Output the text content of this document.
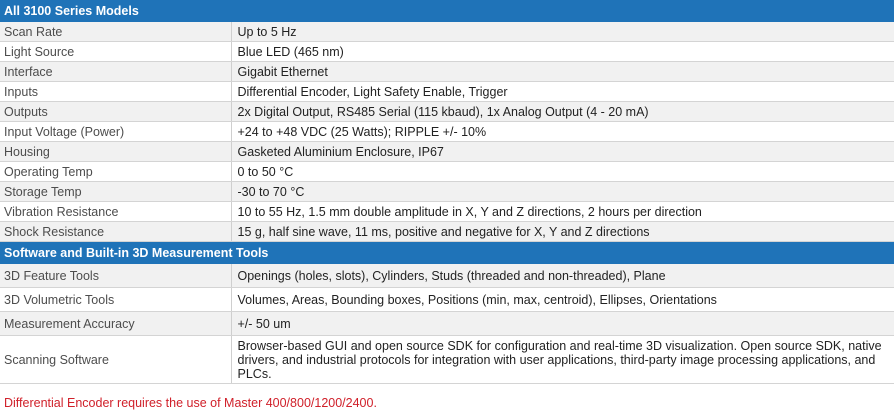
All 3100 Series Models	
Scan Rate	Up to 5 Hz
Light Source	Blue LED (465 nm)
Interface	Gigabit Ethernet
Inputs	Differential Encoder, Light Safety Enable, Trigger
Outputs	2x Digital Output, RS485 Serial (115 kbaud), 1x Analog Output (4 - 20 mA)
Input Voltage (Power)	+24 to +48 VDC (25 Watts); RIPPLE +/- 10%
Housing	Gasketed Aluminium Enclosure, IP67
Operating Temp	0 to 50 °C
Storage Temp	-30 to 70 °C
Vibration Resistance	10 to 55 Hz, 1.5 mm double amplitude in X, Y and Z directions, 2 hours per direction
Shock Resistance	15 g, half sine wave, 11 ms, positive and negative for X, Y and Z directions
Software and Built-in 3D Measurement Tools	
3D Feature Tools	Openings (holes, slots), Cylinders, Studs (threaded and non-threaded), Plane
3D Volumetric Tools	Volumes, Areas, Bounding boxes, Positions (min, max, centroid), Ellipses, Orientations
Measurement Accuracy	+/- 50 um
Scanning Software	Browser-based GUI and open source SDK for configuration and real-time 3D visualization. Open source SDK, native drivers, and industrial protocols for integration with user applications, third-party image processing applications, and PLCs.
Differential Encoder requires the use of Master 400/800/1200/2400.
